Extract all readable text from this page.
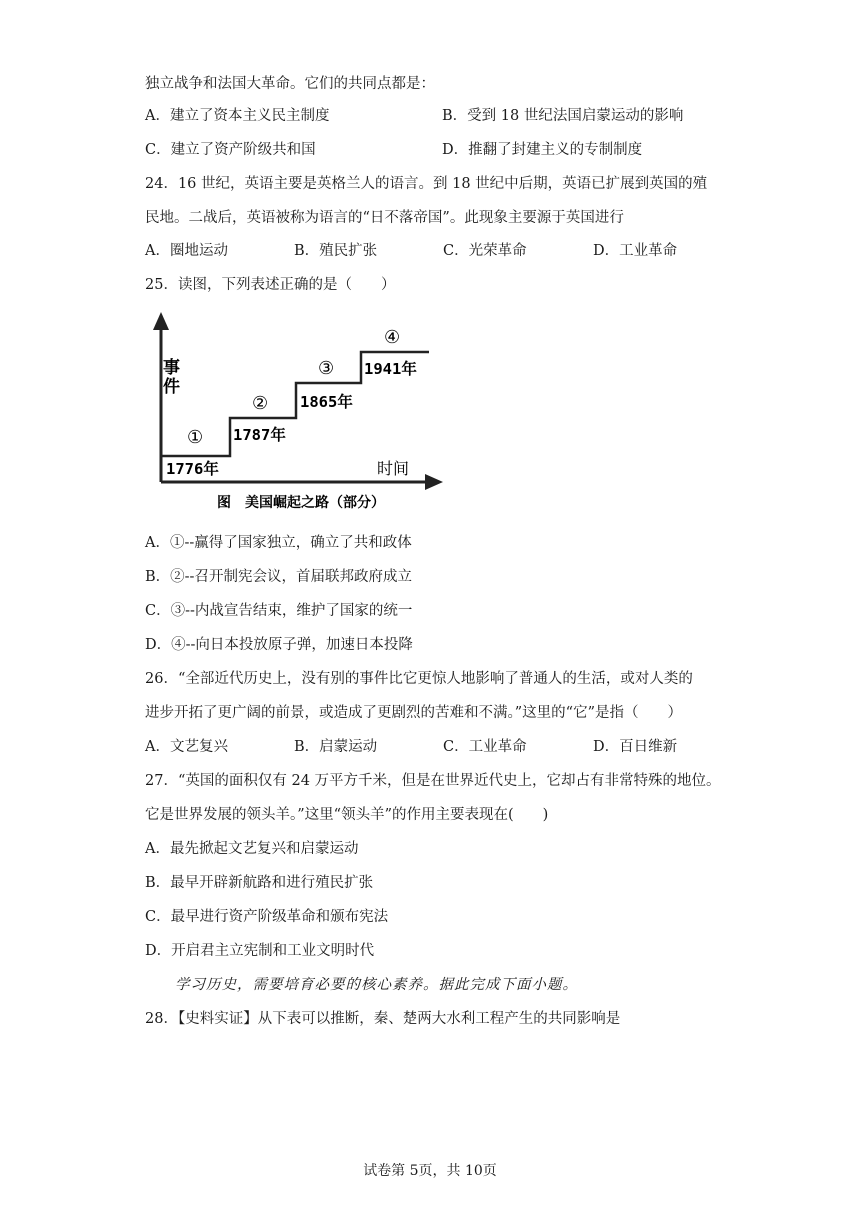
独立战争和法国大革命。它们的共同点都是：
A．建立了资本主义民主制度	B．受到 18 世纪法国启蒙运动的影响
C．建立了资产阶级共和国	D．推翻了封建主义的专制制度
24．16 世纪，英语主要是英格兰人的语言。到 18 世纪中后期，英语已扩展到英国的殖
民地。二战后，英语被称为语言的“日不落帝国”。此现象主要源于英国进行
A．圈地运动	B．殖民扩张	C．光荣革命	D．工业革命
25．读图，下列表述正确的是（　　）
事件
时间
①
1776年
②
1787年
③
1865年
④
1941年
图　美国崛起之路（部分）
A．①--赢得了国家独立，确立了共和政体
B．②--召开制宪会议，首届联邦政府成立
C．③--内战宣告结束，维护了国家的统一
D．④--向日本投放原子弹，加速日本投降
26．“全部近代历史上，没有别的事件比它更惊人地影响了普通人的生活，或对人类的
进步开拓了更广阔的前景，或造成了更剧烈的苦难和不满。”这里的“它”是指（　　）
A．文艺复兴	B．启蒙运动	C．工业革命	D．百日维新
27．“英国的面积仅有 24 万平方千米，但是在世界近代史上，它却占有非常特殊的地位。
它是世界发展的领头羊。”这里“领头羊”的作用主要表现在(　　)
A．最先掀起文艺复兴和启蒙运动
B．最早开辟新航路和进行殖民扩张
C．最早进行资产阶级革命和颁布宪法
D．开启君主立宪制和工业文明时代
学习历史，需要培育必要的核心素养。据此完成下面小题。
28．【史料实证】从下表可以推断，秦、楚两大水利工程产生的共同影响是
试卷第 5页，共 10页
